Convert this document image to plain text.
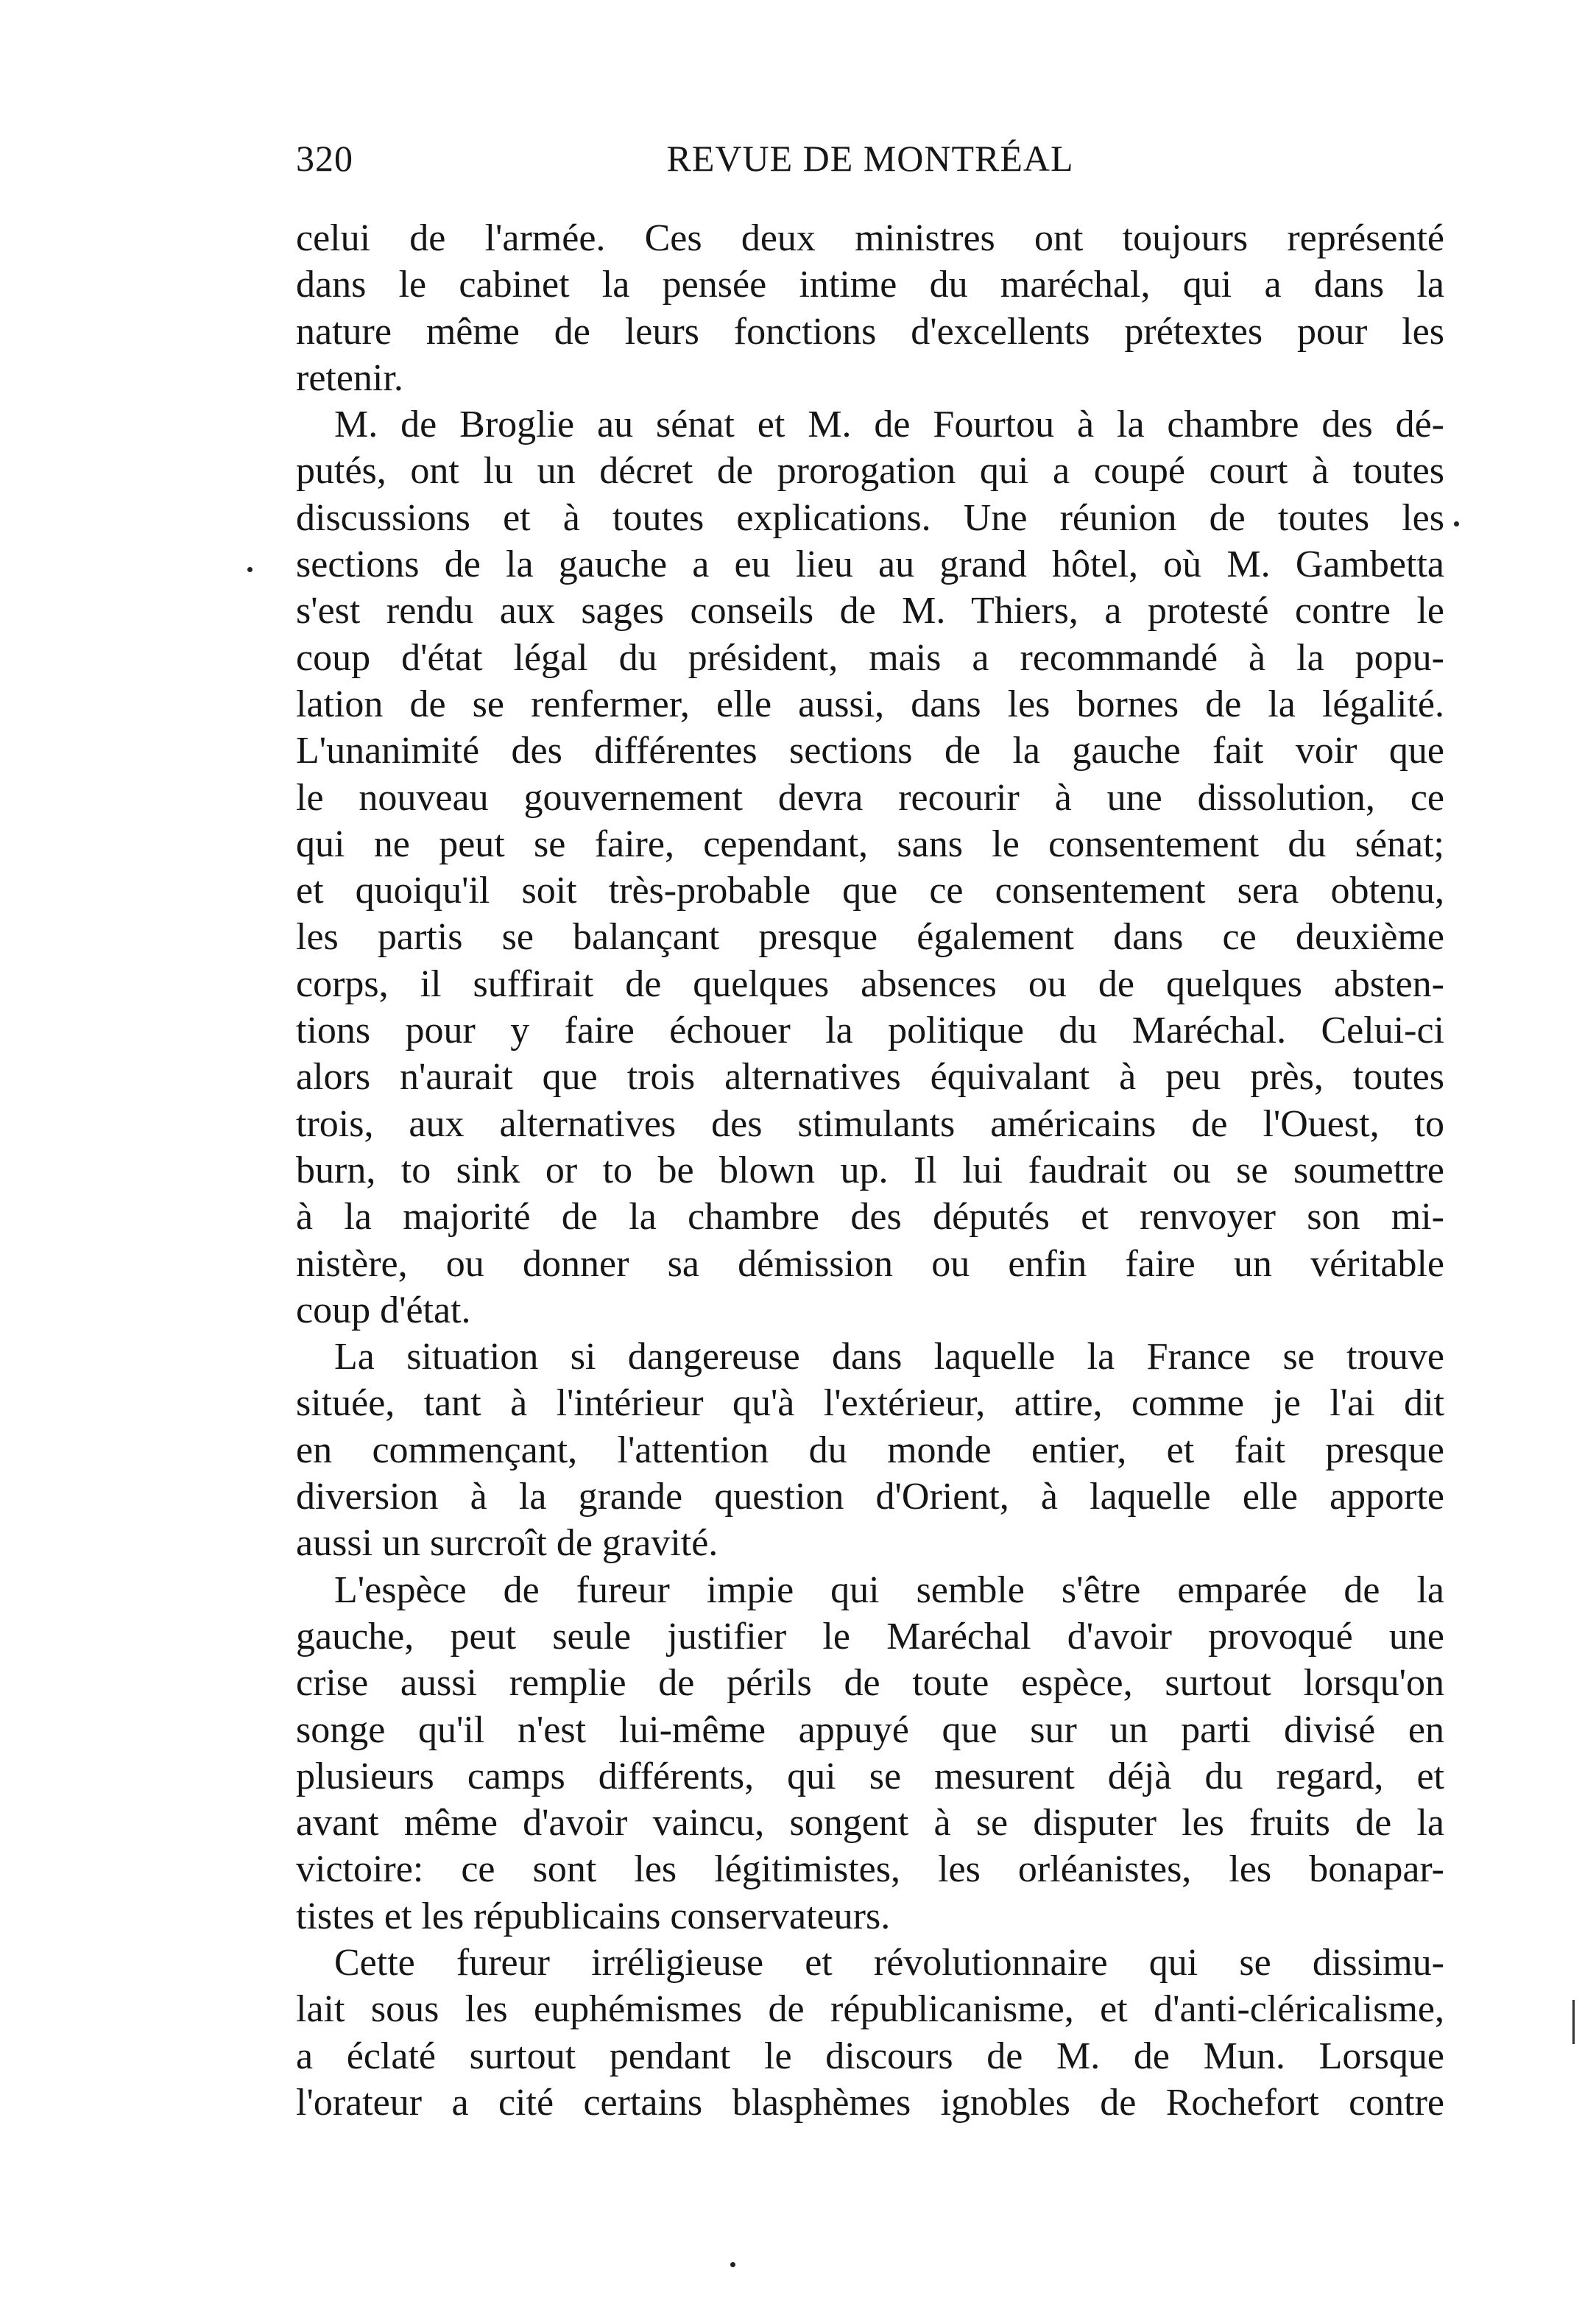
320	REVUE DE MONTRÉAL
celui de l'armée. Ces deux ministres ont toujours représenté
dans le cabinet la pensée intime du maréchal, qui a dans la
nature même de leurs fonctions d'excellents prétextes pour les
retenir.
M. de Broglie au sénat et M. de Fourtou à la chambre des dé-
putés, ont lu un décret de prorogation qui a coupé court à toutes
discussions et à toutes explications. Une réunion de toutes les
sections de la gauche a eu lieu au grand hôtel, où M. Gambetta
s'est rendu aux sages conseils de M. Thiers, a protesté contre le
coup d'état légal du président, mais a recommandé à la popu-
lation de se renfermer, elle aussi, dans les bornes de la légalité.
L'unanimité des différentes sections de la gauche fait voir que
le nouveau gouvernement devra recourir à une dissolution, ce
qui ne peut se faire, cependant, sans le consentement du sénat;
et quoiqu'il soit très-probable que ce consentement sera obtenu,
les partis se balançant presque également dans ce deuxième
corps, il suffirait de quelques absences ou de quelques absten-
tions pour y faire échouer la politique du Maréchal. Celui-ci
alors n'aurait que trois alternatives équivalant à peu près, toutes
trois, aux alternatives des stimulants américains de l'Ouest, to
burn, to sink or to be blown up. Il lui faudrait ou se soumettre
à la majorité de la chambre des députés et renvoyer son mi-
nistère, ou donner sa démission ou enfin faire un véritable
coup d'état.
La situation si dangereuse dans laquelle la France se trouve
située, tant à l'intérieur qu'à l'extérieur, attire, comme je l'ai dit
en commençant, l'attention du monde entier, et fait presque
diversion à la grande question d'Orient, à laquelle elle apporte
aussi un surcroît de gravité.
L'espèce de fureur impie qui semble s'être emparée de la
gauche, peut seule justifier le Maréchal d'avoir provoqué une
crise aussi remplie de périls de toute espèce, surtout lorsqu'on
songe qu'il n'est lui-même appuyé que sur un parti divisé en
plusieurs camps différents, qui se mesurent déjà du regard, et
avant même d'avoir vaincu, songent à se disputer les fruits de la
victoire: ce sont les légitimistes, les orléanistes, les bonapar-
tistes et les républicains conservateurs.
Cette fureur irréligieuse et révolutionnaire qui se dissimu-
lait sous les euphémismes de républicanisme, et d'anti-cléricalisme,
a éclaté surtout pendant le discours de M. de Mun. Lorsque
l'orateur a cité certains blasphèmes ignobles de Rochefort contre
